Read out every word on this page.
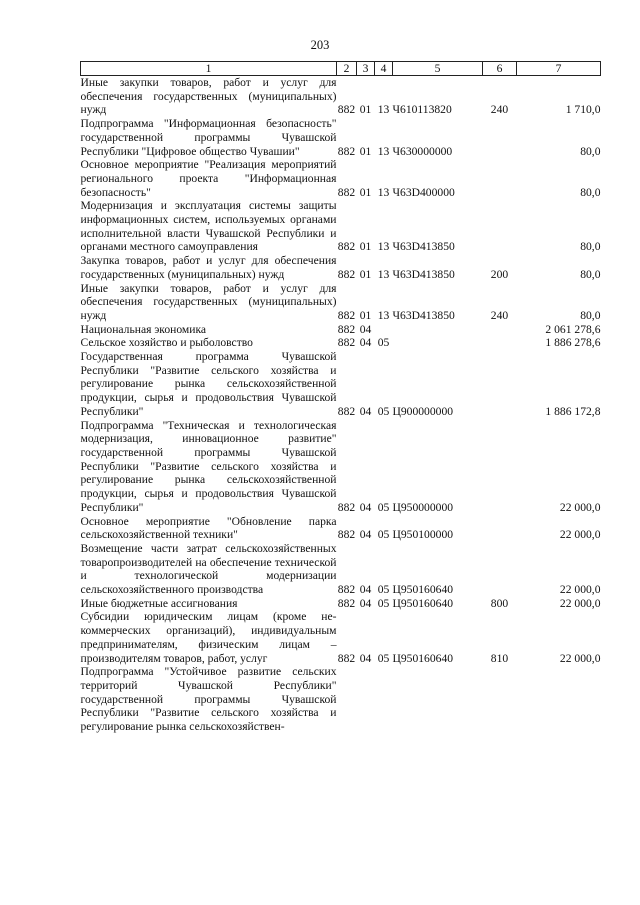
203
1	2	3	4	5	6	7
Иные закупки товаров, работ и услуг для обеспечения государственных (муниципальных) нужд	882	01	13	Ч610113820	240	1 710,0
Подпрограмма "Информационная безопасность" государственной программы Чувашской Республики "Цифровое общество Чувашии"	882	01	13	Ч630000000		80,0
Основное мероприятие "Реализация мероприятий регионального проекта "Информационная безопасность"	882	01	13	Ч63D400000		80,0
Модернизация и эксплуатация системы защиты информационных систем, используемых органами исполнительной власти Чувашской Республики и органами местного самоуправления	882	01	13	Ч63D413850		80,0
Закупка товаров, работ и услуг для обеспечения государственных (муниципальных) нужд	882	01	13	Ч63D413850	200	80,0
Иные закупки товаров, работ и услуг для обеспечения государственных (муниципальных) нужд	882	01	13	Ч63D413850	240	80,0
Национальная экономика	882	04				2 061 278,6
Сельское хозяйство и рыболовство	882	04	05			1 886 278,6
Государственная программа Чувашской Республики "Развитие сельского хозяйства и регулирование рынка сельскохозяйственной продукции, сырья и продовольствия Чувашской Республики"	882	04	05	Ц900000000		1 886 172,8
Подпрограмма "Техническая и технологическая модернизация, инновационное развитие" государственной программы Чувашской Республики "Развитие сельского хозяйства и регулирование рынка сельскохозяйственной продукции, сырья и продовольствия Чувашской Республики"	882	04	05	Ц950000000		22 000,0
Основное мероприятие "Обновление парка сельскохозяйственной техники"	882	04	05	Ц950100000		22 000,0
Возмещение части затрат сельскохозяйственных товаропроизводителей на обеспечение технической и технологической модернизации сельскохозяйственного производства	882	04	05	Ц950160640		22 000,0
Иные бюджетные ассигнования	882	04	05	Ц950160640	800	22 000,0
Субсидии юридическим лицам (кроме некоммерческих организаций), индивидуальным предпринимателям, физическим лицам – производителям товаров, работ, услуг	882	04	05	Ц950160640	810	22 000,0
Подпрограмма "Устойчивое развитие сельских территорий Чувашской Республики" государственной программы Чувашской Республики "Развитие сельского хозяйства и регулирование рынка сельскохозяйствен-						
